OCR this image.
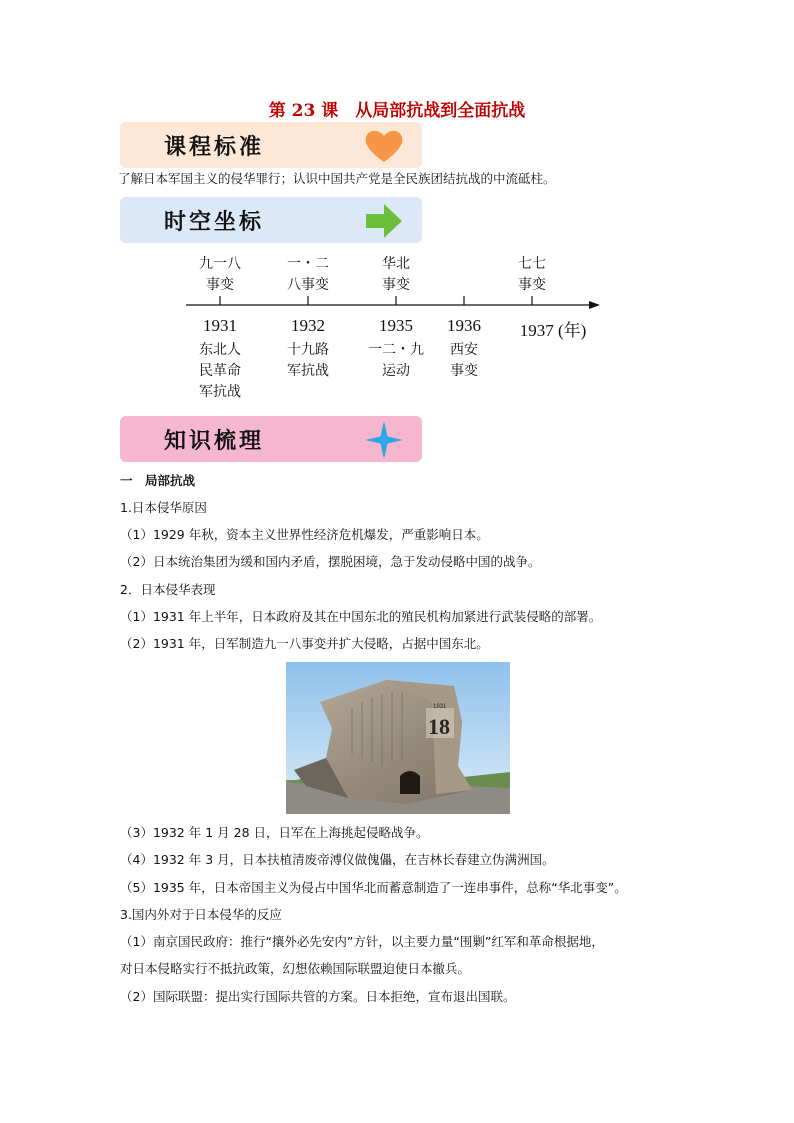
第 23 课　从局部抗战到全面抗战
课程标准
了解日本军国主义的侵华罪行；认识中国共产党是全民族团结抗战的中流砥柱。
时空坐标
九一八
事变
一・二
八事变
华北
事变
七七
事变
1931	1932	1935	1936	1937 (年)
东北人
民革命
军抗战
十九路
军抗战
一二・九
运动
西安
事变
知识梳理
一　局部抗战
1.日本侵华原因
（1）1929 年秋，资本主义世界性经济危机爆发，严重影响日本。
（2）日本统治集团为缓和国内矛盾，摆脱困境，急于发动侵略中国的战争。
2．日本侵华表现
（1）1931 年上半年，日本政府及其在中国东北的殖民机构加紧进行武装侵略的部署。
（2）1931 年，日军制造九一八事变并扩大侵略，占据中国东北。
18
1931
（3）1932 年 1 月 28 日，日军在上海挑起侵略战争。
（4）1932 年 3 月，日本扶植清废帝溥仪做傀儡，在吉林长春建立伪满洲国。
（5）1935 年，日本帝国主义为侵占中国华北而蓄意制造了一连串事件，总称“华北事变”。
3.国内外对于日本侵华的反应
（1）南京国民政府：推行“攘外必先安内”方针，以主要力量“围剿”红军和革命根据地，
对日本侵略实行不抵抗政策，幻想依赖国际联盟迫使日本撤兵。
（2）国际联盟：提出实行国际共管的方案。日本拒绝，宣布退出国联。
